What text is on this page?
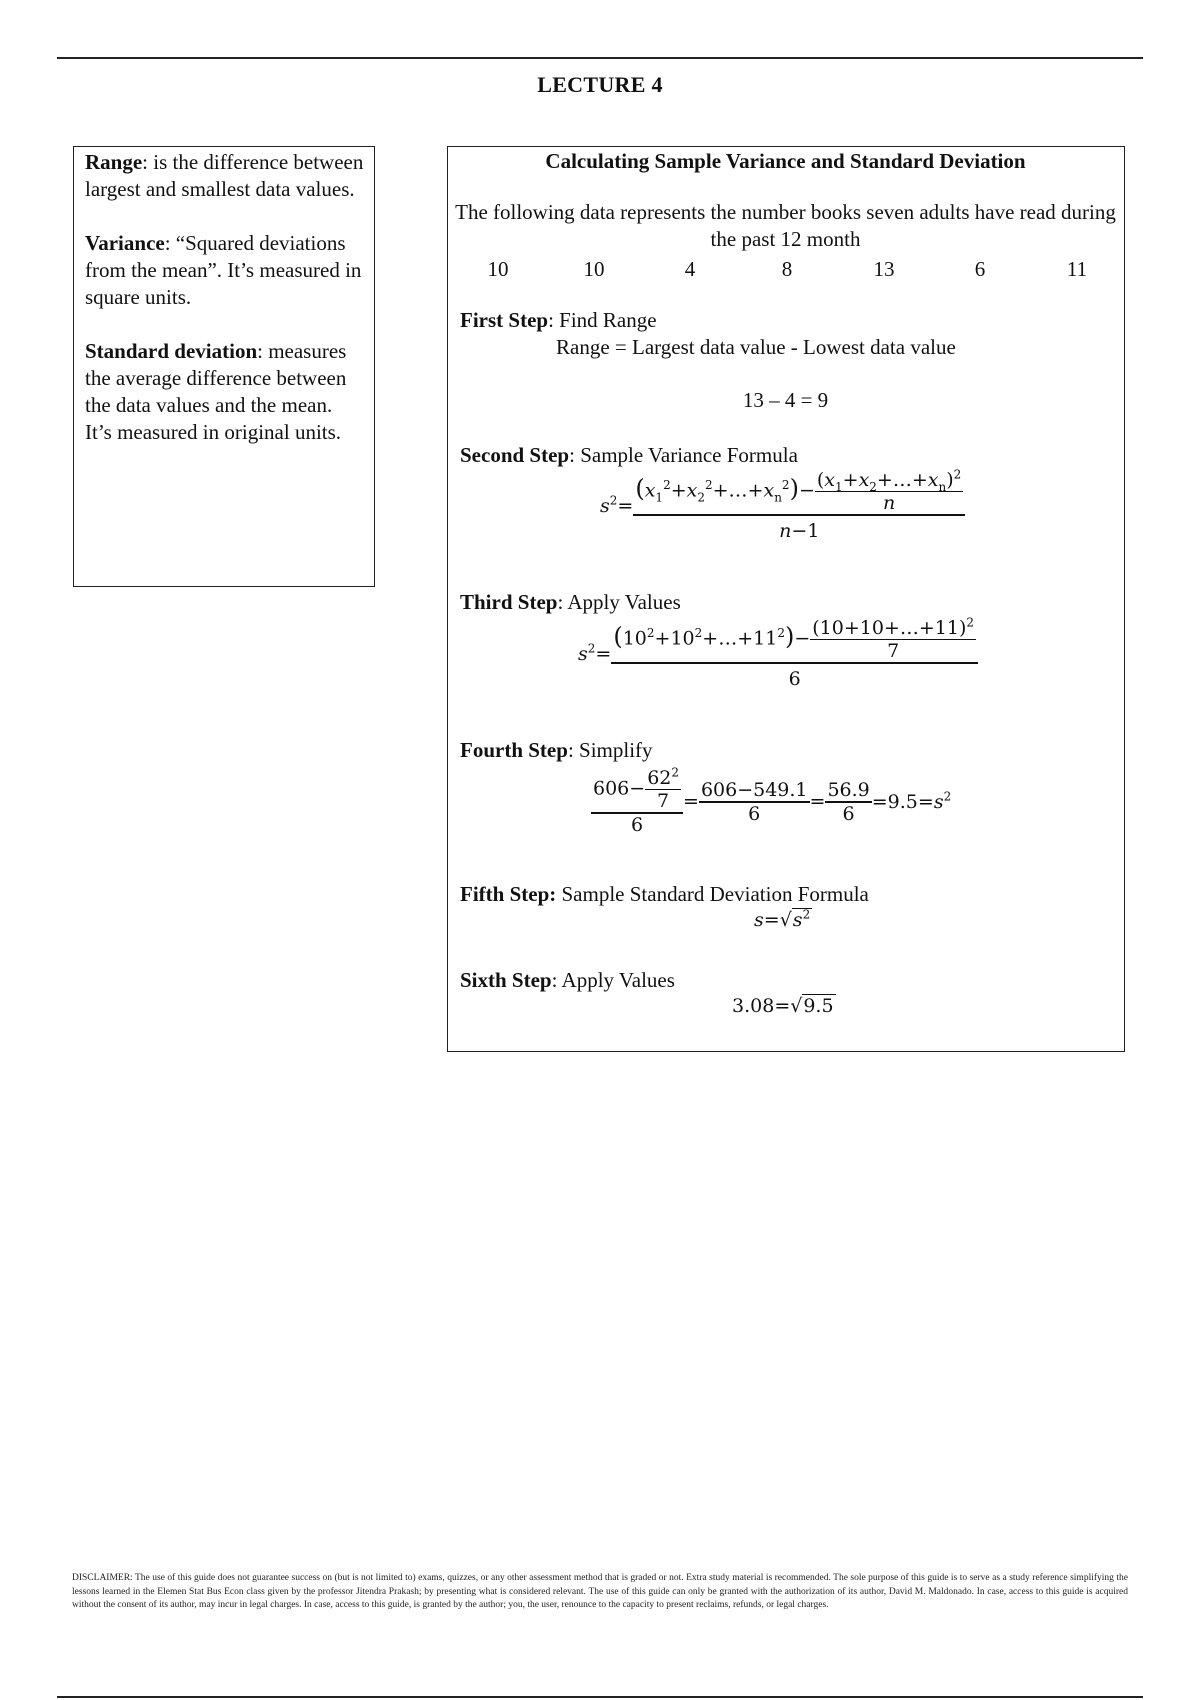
LECTURE 4

Range: is the difference between largest and smallest data values.

Variance: “Squared deviations from the mean”. It’s measured in square units.

Standard deviation: measures the average difference between the data values and the mean. It’s measured in original units.

Calculating Sample Variance and Standard Deviation
The following data represents the number books seven adults have read during the past 12 month
10	10	4	8	13	6	11
First Step: Find Range
Range = Largest data value - Lowest data value
13 – 4 = 9
Second Step: Sample Variance Formula
$s^2= \frac{(x_1^2+x_2^2+\dots+x_n^2)- \frac{(x_1+x_2+\dots+x_n)^2}{n}}{n-1}$
Third Step: Apply Values
$s^2= \frac{(10^2+10^2+\dots+11^2)- \frac{(10+10+\dots+11)^2}{7}}{6}$
Fourth Step: Simplify
$\frac{606- \frac{62^2}{7}}{6} = \frac{606-549.1}{6} = \frac{56.9}{6} =9.5=s^2$
Fifth Step: Sample Standard Deviation Formula
$s=√s^2$
Sixth Step: Apply Values
3.08=√9.5
DISCLAIMER: The use of this guide does not guarantee success on (but is not limited to) exams, quizzes, or any other assessment method that is graded or not. Extra study material is recommended. The sole purpose of this guide is to serve as a study reference simplifying the lessons learned in the Elemen Stat Bus Econ class given by the professor Jitendra Prakash; by presenting what is considered relevant. The use of this guide can only be granted with the authorization of its author, David M. Maldonado. In case, access to this guide is acquired without the consent of its author, may incur in legal charges. In case, access to this guide, is granted by the author; you, the user, renounce to the capacity to present reclaims, refunds, or legal charges.
